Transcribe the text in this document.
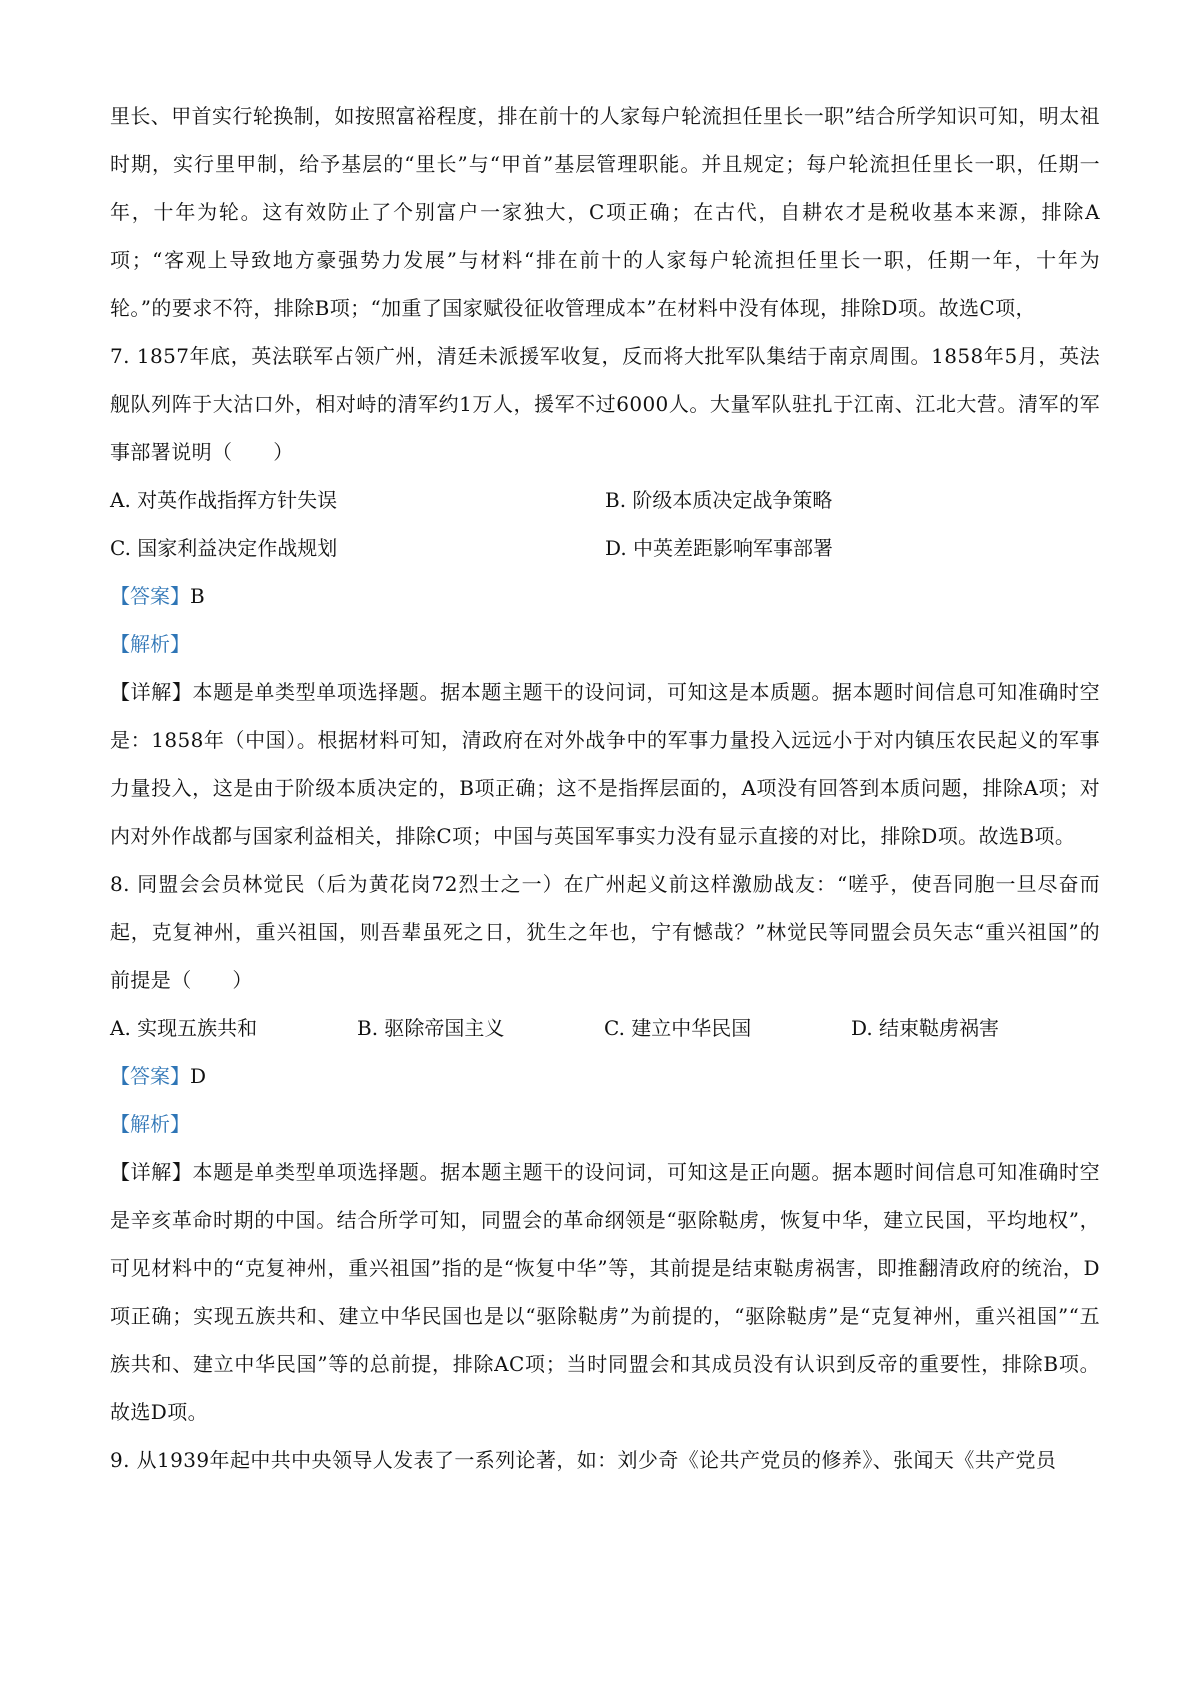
里长、甲首实行轮换制，如按照富裕程度，排在前十的人家每户轮流担任里长一职”结合所学知识可知，明太祖时期，实行里甲制，给予基层的“里长”与“甲首”基层管理职能。并且规定；每户轮流担任里长一职，任期一年，十年为轮。这有效防止了个别富户一家独大，C项正确；在古代，自耕农才是税收基本来源，排除A项；“客观上导致地方豪强势力发展”与材料“排在前十的人家每户轮流担任里长一职，任期一年，十年为轮。”的要求不符，排除B项；“加重了国家赋役征收管理成本”在材料中没有体现，排除D项。故选C项，

7. 1857年底，英法联军占领广州，清廷未派援军收复，反而将大批军队集结于南京周围。1858年5月，英法舰队列阵于大沽口外，相对峙的清军约1万人，援军不过6000人。大量军队驻扎于江南、江北大营。清军的军事部署说明（　　）

A. 对英作战指挥方针失误	B. 阶级本质决定战争策略
C. 国家利益决定作战规划	D. 中英差距影响军事部署
【答案】B
【解析】

【详解】本题是单类型单项选择题。据本题主题干的设问词，可知这是本质题。据本题时间信息可知准确时空是：1858年（中国）。根据材料可知，清政府在对外战争中的军事力量投入远远小于对内镇压农民起义的军事力量投入，这是由于阶级本质决定的，B项正确；这不是指挥层面的，A项没有回答到本质问题，排除A项；对内对外作战都与国家利益相关，排除C项；中国与英国军事实力没有显示直接的对比，排除D项。故选B项。

8. 同盟会会员林觉民（后为黄花岗72烈士之一）在广州起义前这样激励战友：“嗟乎，使吾同胞一旦尽奋而起，克复神州，重兴祖国，则吾辈虽死之日，犹生之年也，宁有憾哉？”林觉民等同盟会员矢志“重兴祖国”的前提是（　　）

A. 实现五族共和	B. 驱除帝国主义	C. 建立中华民国	D. 结束鞑虏祸害
【答案】D
【解析】

【详解】本题是单类型单项选择题。据本题主题干的设问词，可知这是正向题。据本题时间信息可知准确时空是辛亥革命时期的中国。结合所学可知，同盟会的革命纲领是“驱除鞑虏，恢复中华，建立民国，平均地权”，可见材料中的“克复神州，重兴祖国”指的是“恢复中华”等，其前提是结束鞑虏祸害，即推翻清政府的统治，D项正确；实现五族共和、建立中华民国也是以“驱除鞑虏”为前提的，“驱除鞑虏”是“克复神州，重兴祖国”“五族共和、建立中华民国”等的总前提，排除AC项；当时同盟会和其成员没有认识到反帝的重要性，排除B项。故选D项。

9. 从1939年起中共中央领导人发表了一系列论著，如：刘少奇《论共产党员的修养》、张闻天《共产党员
